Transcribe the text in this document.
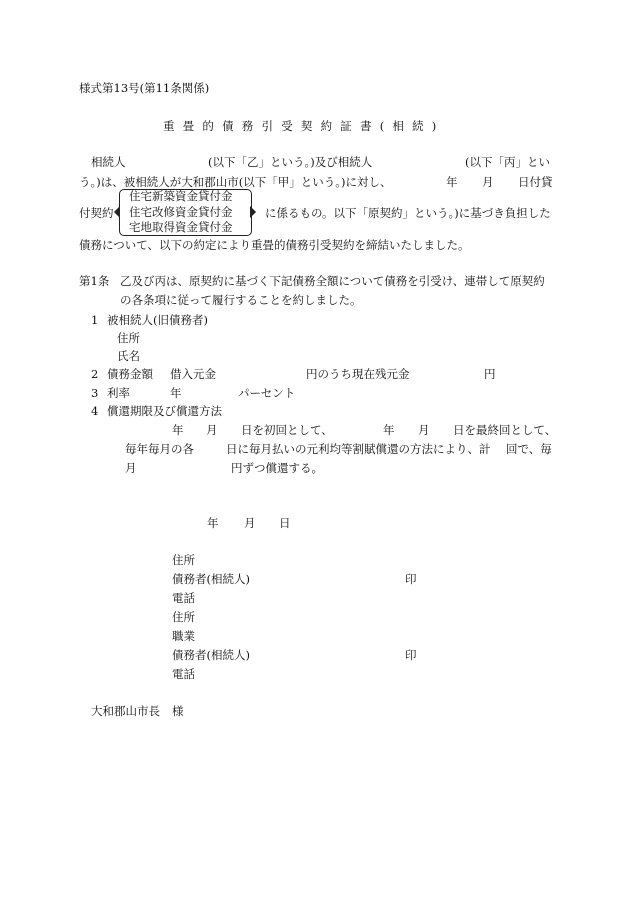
様式第13号(第11条関係)
重畳的債務引受契約証書(相続)
相続人	(以下「乙」という。)及び相続人	(以下「丙」とい
う。)は、被相続人が大和郡山市(以下「甲」という。)に対し、	年 月 日付貸
付契約
住宅新築資金貸付金
住宅改修資金貸付金
宅地取得資金貸付金
に係るもの。以下「原契約」という。)に基づき負担した
債務について、以下の約定により重畳的債務引受契約を締結いたしました。
第1条 乙及び丙は、原契約に基づく下記債務全額について債務を引受け、連帯して原契約
の各条項に従って履行することを約しました。
1 被相続人(旧債務者)
住所
氏名
2 債務金額 借入元金	円のうち現在残元金	円
3 利率	年	パーセント
4 償還期限及び償還方法
年 月 日を初回として、	年 月 日を最終回として、
毎年毎月の各	日に毎月払いの元利均等割賦償還の方法により、計 回で、毎
月	円ずつ償還する。
年 月 日
住所
債務者(相続人)	印
電話
住所
職業
債務者(相続人)	印
電話
大和郡山市長 様
